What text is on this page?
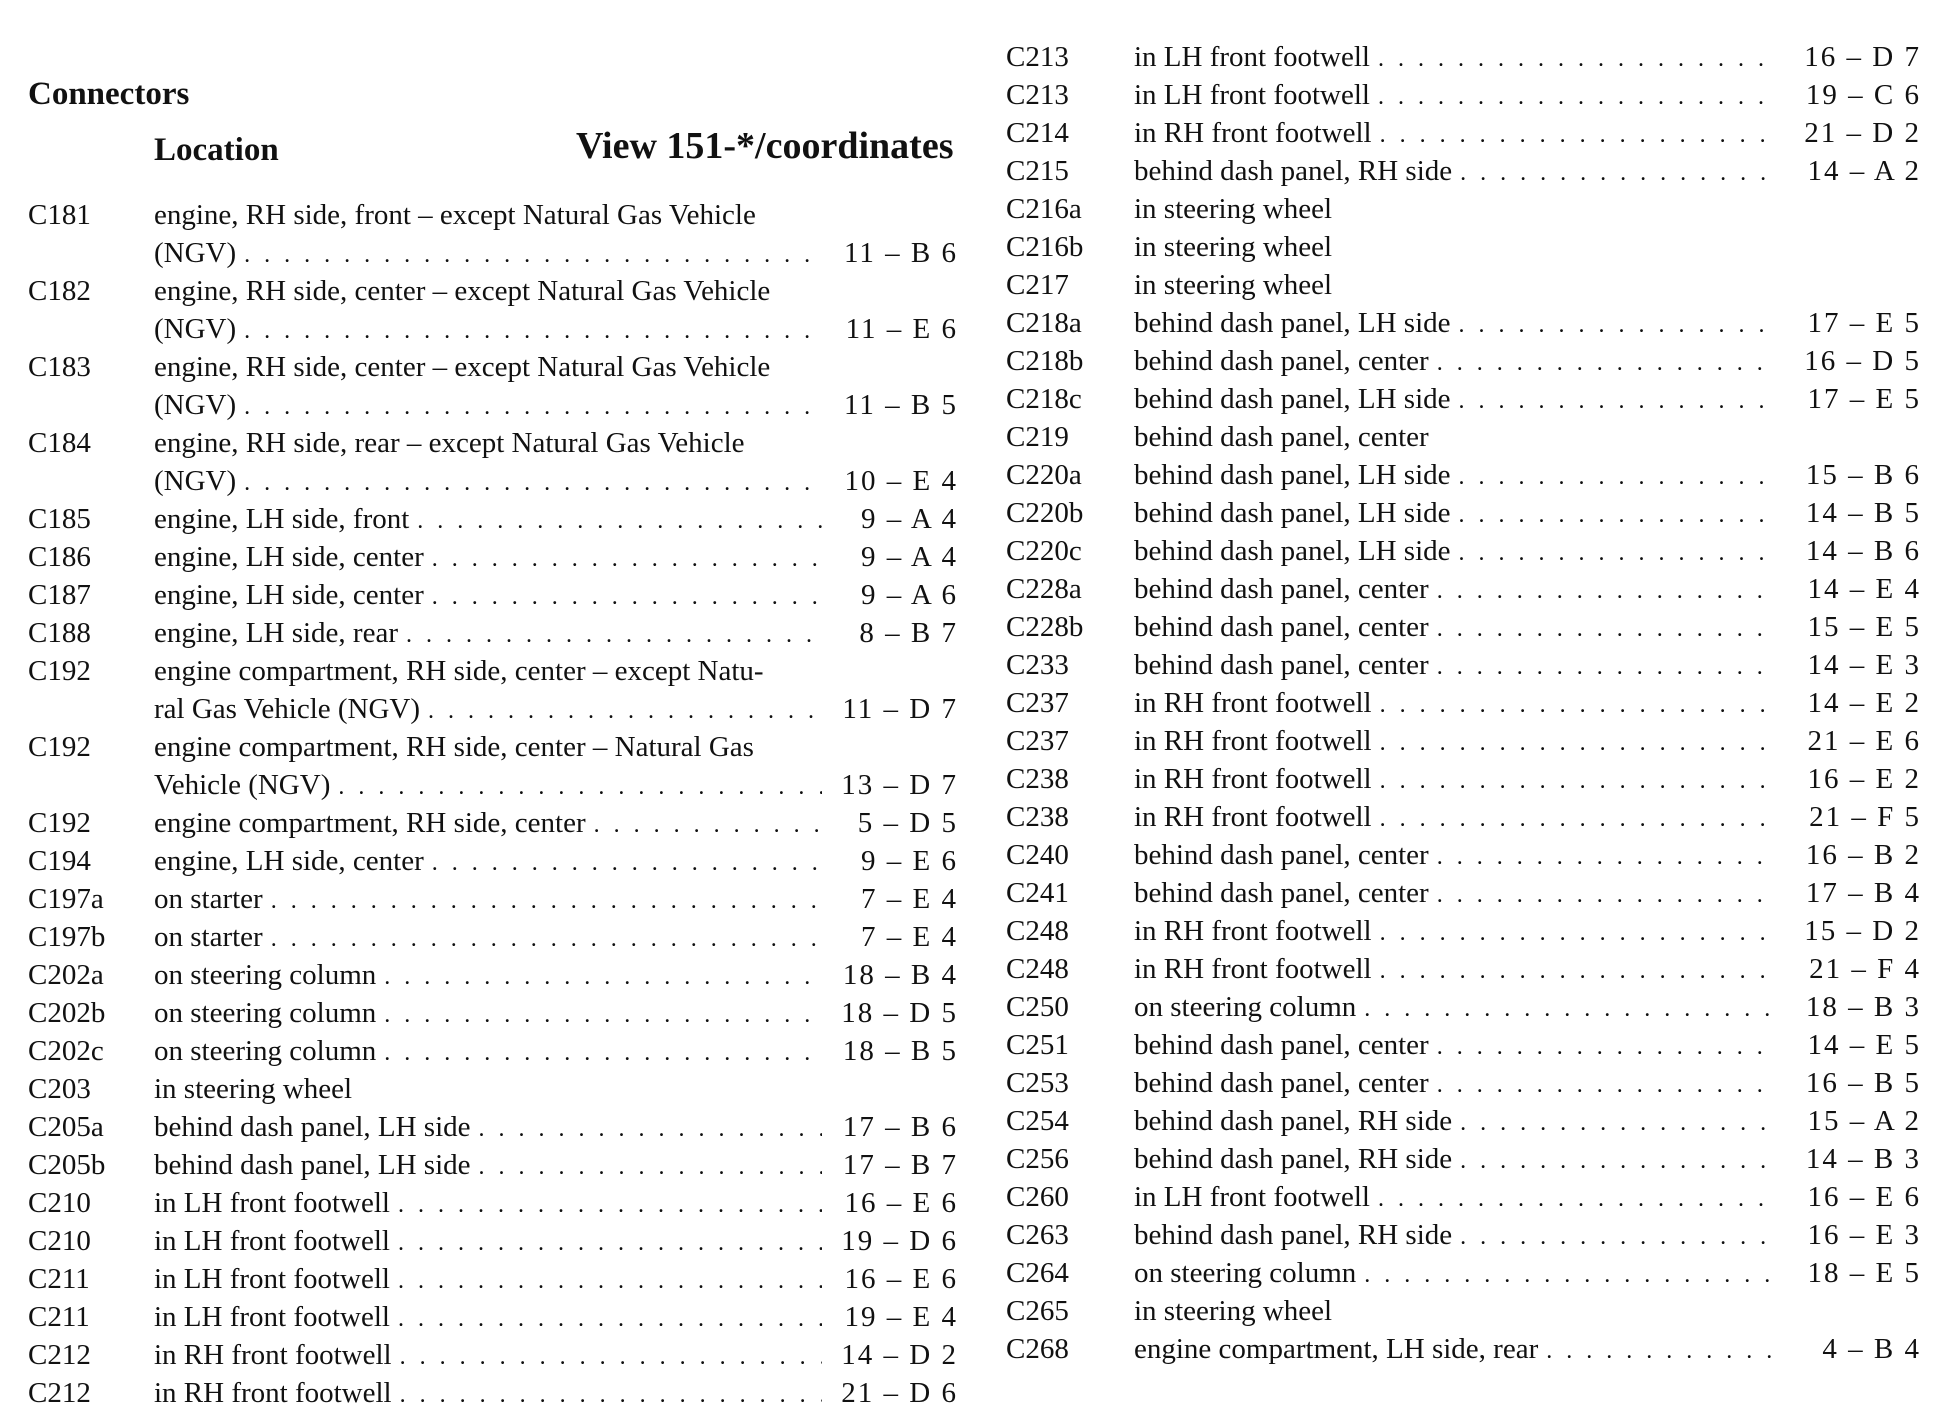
Connectors
Location	View 151-*/coordinates
C181 engine, RH side, front – except Natural Gas Vehicle
(NGV) . . .	11 – B 6
C182 engine, RH side, center – except Natural Gas Vehicle
(NGV) . . .	11 – E 6
C183 engine, RH side, center – except Natural Gas Vehicle
(NGV) . . .	11 – B 5
C184 engine, RH side, rear – except Natural Gas Vehicle
(NGV) . . .	10 – E 4
C185 engine, LH side, front . . .	9 – A 4
C186 engine, LH side, center . . .	9 – A 4
C187 engine, LH side, center . . .	9 – A 6
C188 engine, LH side, rear . . .	8 – B 7
C192 engine compartment, RH side, center – except Natu-
ral Gas Vehicle (NGV) . . .	11 – D 7
C192 engine compartment, RH side, center – Natural Gas
Vehicle (NGV) . . .	13 – D 7
C192 engine compartment, RH side, center . . .	5 – D 5
C194 engine, LH side, center . . .	9 – E 6
C197a on starter . . .	7 – E 4
C197b on starter . . .	7 – E 4
C202a on steering column . . .	18 – B 4
C202b on steering column . . .	18 – D 5
C202c on steering column . . .	18 – B 5
C203 in steering wheel
C205a behind dash panel, LH side . . .	17 – B 6
C205b behind dash panel, LH side . . .	17 – B 7
C210 in LH front footwell . . .	16 – E 6
C210 in LH front footwell . . .	19 – D 6
C211 in LH front footwell . . .	16 – E 6
C211 in LH front footwell . . .	19 – E 4
C212 in RH front footwell . . .	14 – D 2
C212 in RH front footwell . . .	21 – D 6
C213 in LH front footwell . . .	16 – D 7
C213 in LH front footwell . . .	19 – C 6
C214 in RH front footwell . . .	21 – D 2
C215 behind dash panel, RH side . . .	14 – A 2
C216a in steering wheel
C216b in steering wheel
C217 in steering wheel
C218a behind dash panel, LH side . . .	17 – E 5
C218b behind dash panel, center . . .	16 – D 5
C218c behind dash panel, LH side . . .	17 – E 5
C219 behind dash panel, center
C220a behind dash panel, LH side . . .	15 – B 6
C220b behind dash panel, LH side . . .	14 – B 5
C220c behind dash panel, LH side . . .	14 – B 6
C228a behind dash panel, center . . .	14 – E 4
C228b behind dash panel, center . . .	15 – E 5
C233 behind dash panel, center . . .	14 – E 3
C237 in RH front footwell . . .	14 – E 2
C237 in RH front footwell . . .	21 – E 6
C238 in RH front footwell . . .	16 – E 2
C238 in RH front footwell . . .	21 – F 5
C240 behind dash panel, center . . .	16 – B 2
C241 behind dash panel, center . . .	17 – B 4
C248 in RH front footwell . . .	15 – D 2
C248 in RH front footwell . . .	21 – F 4
C250 on steering column . . .	18 – B 3
C251 behind dash panel, center . . .	14 – E 5
C253 behind dash panel, center . . .	16 – B 5
C254 behind dash panel, RH side . . .	15 – A 2
C256 behind dash panel, RH side . . .	14 – B 3
C260 in LH front footwell . . .	16 – E 6
C263 behind dash panel, RH side . . .	16 – E 3
C264 on steering column . . .	18 – E 5
C265 in steering wheel
C268 engine compartment, LH side, rear . . .	4 – B 4
